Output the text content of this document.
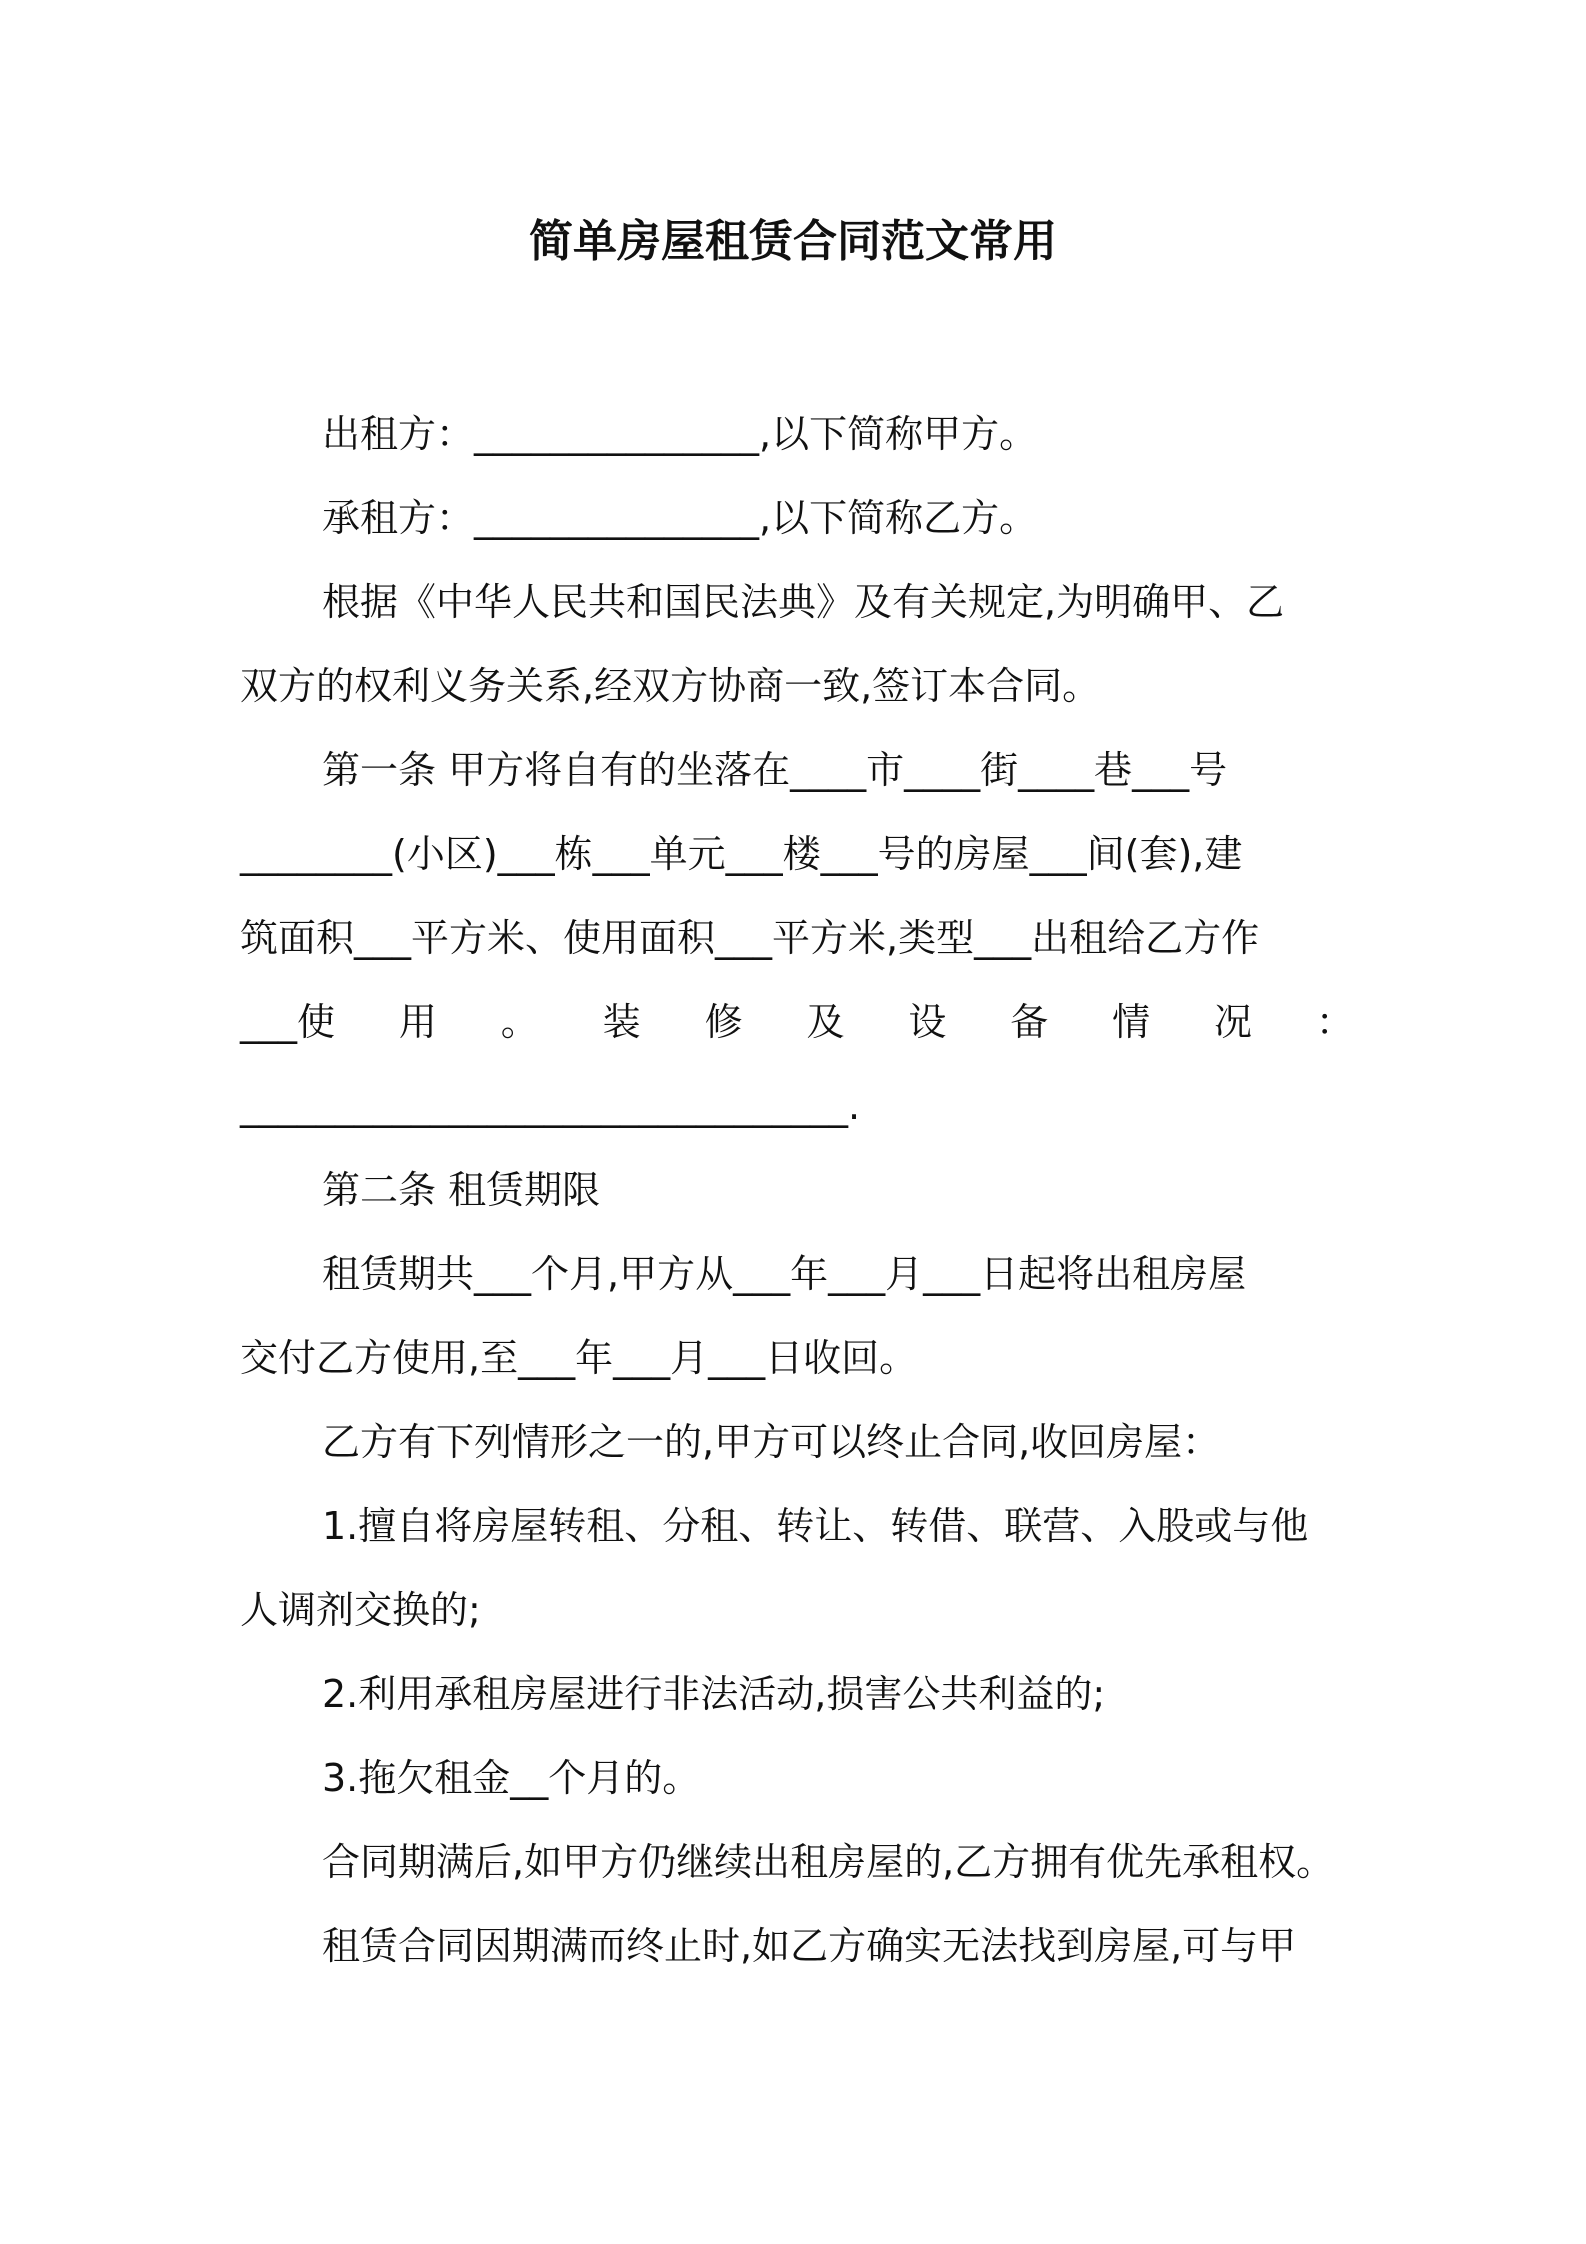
简单房屋租赁合同范文常用

出租方：_______________,以下简称甲方。

承租方：_______________,以下简称乙方。

根据《中华人民共和国民法典》及有关规定,为明确甲、乙

双方的权利义务关系,经双方协商一致,签订本合同。

第一条 甲方将自有的坐落在____市____街____巷___号

________(小区)___栋___单元___楼___号的房屋___间(套),建

筑面积___平方米、使用面积___平方米,类型___出租给乙方作

___使 用 。 装 修 及 设 备 情 况 ：

________________________________.

第二条 租赁期限

租赁期共___个月,甲方从___年___月___日起将出租房屋

交付乙方使用,至___年___月___日收回。

乙方有下列情形之一的,甲方可以终止合同,收回房屋：

1.擅自将房屋转租、分租、转让、转借、联营、入股或与他

人调剂交换的;

2.利用承租房屋进行非法活动,损害公共利益的;

3.拖欠租金__个月的。

合同期满后,如甲方仍继续出租房屋的,乙方拥有优先承租权。

租赁合同因期满而终止时,如乙方确实无法找到房屋,可与甲
